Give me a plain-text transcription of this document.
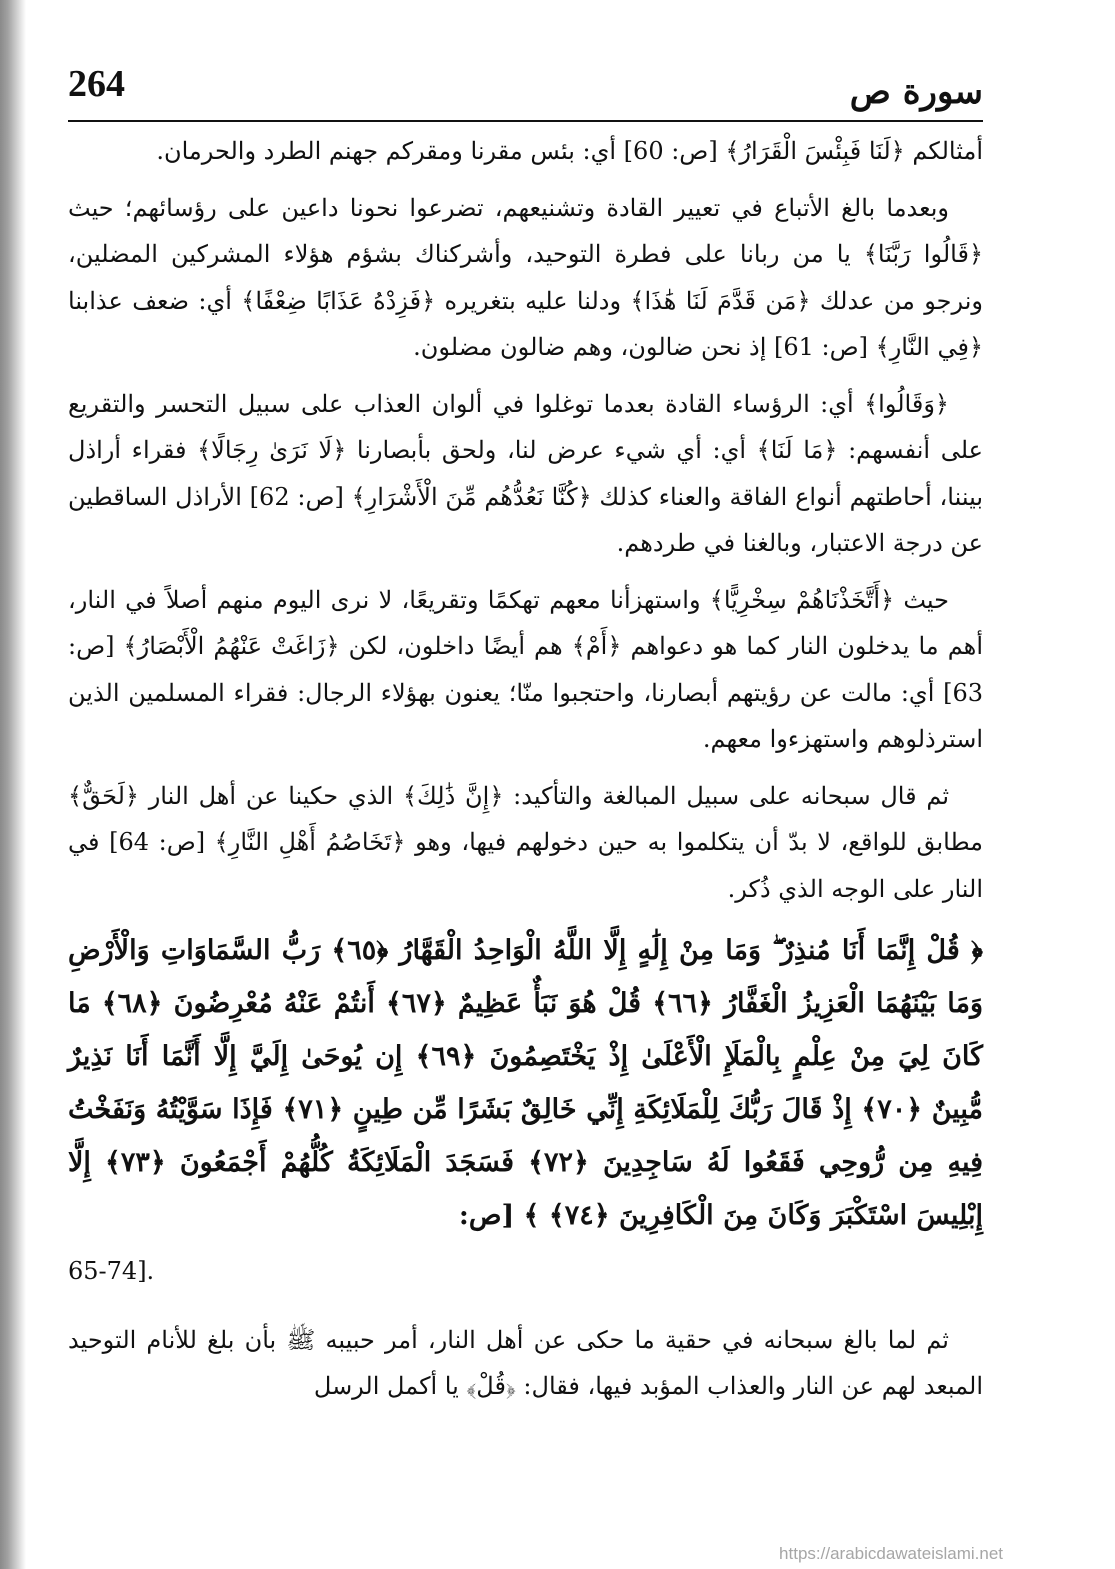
سورة ص
264

أمثالكم ﴿لَنَا فَبِئْسَ الْقَرَارُ﴾ [ص: 60] أي: بئس مقرنا ومقركم جهنم الطرد والحرمان.

وبعدما بالغ الأتباع في تعيير القادة وتشنيعهم، تضرعوا نحونا داعين على رؤسائهم؛ حيث ﴿قَالُوا رَبَّنَا﴾ يا من ربانا على فطرة التوحيد، وأشركناك بشؤم هؤلاء المشركين المضلين، ونرجو من عدلك ﴿مَن قَدَّمَ لَنَا هَٰذَا﴾ ودلنا عليه بتغريره ﴿فَزِدْهُ عَذَابًا ضِعْفًا﴾ أي: ضعف عذابنا ﴿فِي النَّارِ﴾ [ص: 61] إذ نحن ضالون، وهم ضالون مضلون.

﴿وَقَالُوا﴾ أي: الرؤساء القادة بعدما توغلوا في ألوان العذاب على سبيل التحسر والتقريع على أنفسهم: ﴿مَا لَنَا﴾ أي: أي شيء عرض لنا، ولحق بأبصارنا ﴿لَا نَرَىٰ رِجَالًا﴾ فقراء أراذل بيننا، أحاطتهم أنواع الفاقة والعناء كذلك ﴿كُنَّا نَعُدُّهُم مِّنَ الْأَشْرَارِ﴾ [ص: 62] الأراذل الساقطين عن درجة الاعتبار، وبالغنا في طردهم.

حيث ﴿أَتَّخَذْنَاهُمْ سِخْرِيًّا﴾ واستهزأنا معهم تهكمًا وتقريعًا، لا نرى اليوم منهم أصلاً في النار، أهم ما يدخلون النار كما هو دعواهم ﴿أَمْ﴾ هم أيضًا داخلون، لكن ﴿زَاغَتْ عَنْهُمُ الْأَبْصَارُ﴾ [ص: 63] أي: مالت عن رؤيتهم أبصارنا، واحتجبوا منّا؛ يعنون بهؤلاء الرجال: فقراء المسلمين الذين استرذلوهم واستهزءوا معهم.

ثم قال سبحانه على سبيل المبالغة والتأكيد: ﴿إِنَّ ذَٰلِكَ﴾ الذي حكينا عن أهل النار ﴿لَحَقٌّ﴾ مطابق للواقع، لا بدّ أن يتكلموا به حين دخولهم فيها، وهو ﴿تَخَاصُمُ أَهْلِ النَّارِ﴾ [ص: 64] في النار على الوجه الذي ذُكر.

﴿ قُلْ إِنَّمَا أَنَا مُنذِرٌ ۖ وَمَا مِنْ إِلَٰهٍ إِلَّا اللَّهُ الْوَاحِدُ الْقَهَّارُ ﴿٦٥﴾ رَبُّ السَّمَاوَاتِ وَالْأَرْضِ وَمَا بَيْنَهُمَا الْعَزِيزُ الْغَفَّارُ ﴿٦٦﴾ قُلْ هُوَ نَبَأٌ عَظِيمٌ ﴿٦٧﴾ أَنتُمْ عَنْهُ مُعْرِضُونَ ﴿٦٨﴾ مَا كَانَ لِيَ مِنْ عِلْمٍ بِالْمَلَإِ الْأَعْلَىٰ إِذْ يَخْتَصِمُونَ ﴿٦٩﴾ إِن يُوحَىٰ إِلَيَّ إِلَّا أَنَّمَا أَنَا نَذِيرٌ مُّبِينٌ ﴿٧٠﴾ إِذْ قَالَ رَبُّكَ لِلْمَلَائِكَةِ إِنِّي خَالِقٌ بَشَرًا مِّن طِينٍ ﴿٧١﴾ فَإِذَا سَوَّيْتُهُ وَنَفَخْتُ فِيهِ مِن رُّوحِي فَقَعُوا لَهُ سَاجِدِينَ ﴿٧٢﴾ فَسَجَدَ الْمَلَائِكَةُ كُلُّهُمْ أَجْمَعُونَ ﴿٧٣﴾ إِلَّا إِبْلِيسَ اسْتَكْبَرَ وَكَانَ مِنَ الْكَافِرِينَ ﴿٧٤﴾ ﴾ [ص:

65-74].

ثم لما بالغ سبحانه في حقية ما حكى عن أهل النار، أمر حبيبه ﷺ بأن بلغ للأنام التوحيد المبعد لهم عن النار والعذاب المؤبد فيها، فقال: ﴿قُلْ﴾ يا أكمل الرسل

https://arabicdawateislami.net
